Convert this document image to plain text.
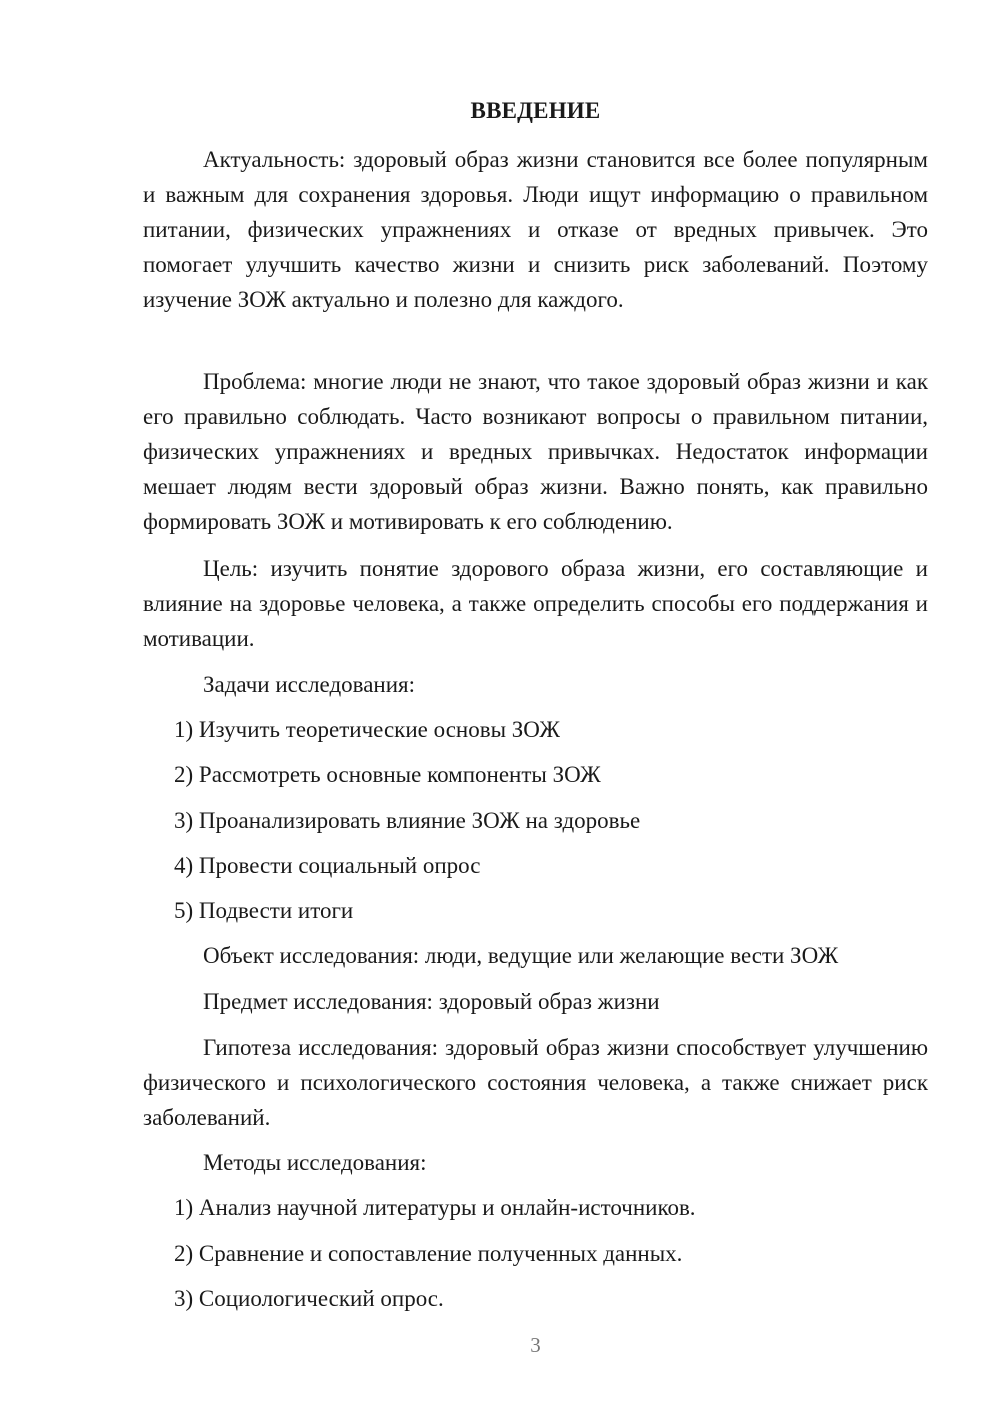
ВВЕДЕНИЕ

Актуальность: здоровый образ жизни становится все более популярным и важным для сохранения здоровья. Люди ищут информацию о правильном питании, физических упражнениях и отказе от вредных привычек. Это помогает улучшить качество жизни и снизить риск заболеваний. Поэтому изучение ЗОЖ актуально и полезно для каждого.

Проблема: многие люди не знают, что такое здоровый образ жизни и как его правильно соблюдать. Часто возникают вопросы о правильном питании, физических упражнениях и вредных привычках. Недостаток информации мешает людям вести здоровый образ жизни. Важно понять, как правильно формировать ЗОЖ и мотивировать к его соблюдению.

Цель: изучить понятие здорового образа жизни, его составляющие и влияние на здоровье человека, а также определить способы его поддержания и мотивации.

Задачи исследования:

1) Изучить теоретические основы ЗОЖ

2) Рассмотреть основные компоненты ЗОЖ

3) Проанализировать влияние ЗОЖ на здоровье

4) Провести социальный опрос

5) Подвести итоги

Объект исследования: люди, ведущие или желающие вести ЗОЖ

Предмет исследования: здоровый образ жизни

Гипотеза исследования: здоровый образ жизни способствует улучшению физического и психологического состояния человека, а также снижает риск заболеваний.

Методы исследования:

1) Анализ научной литературы и онлайн-источников.

2) Сравнение и сопоставление полученных данных.

3) Социологический опрос.

3
